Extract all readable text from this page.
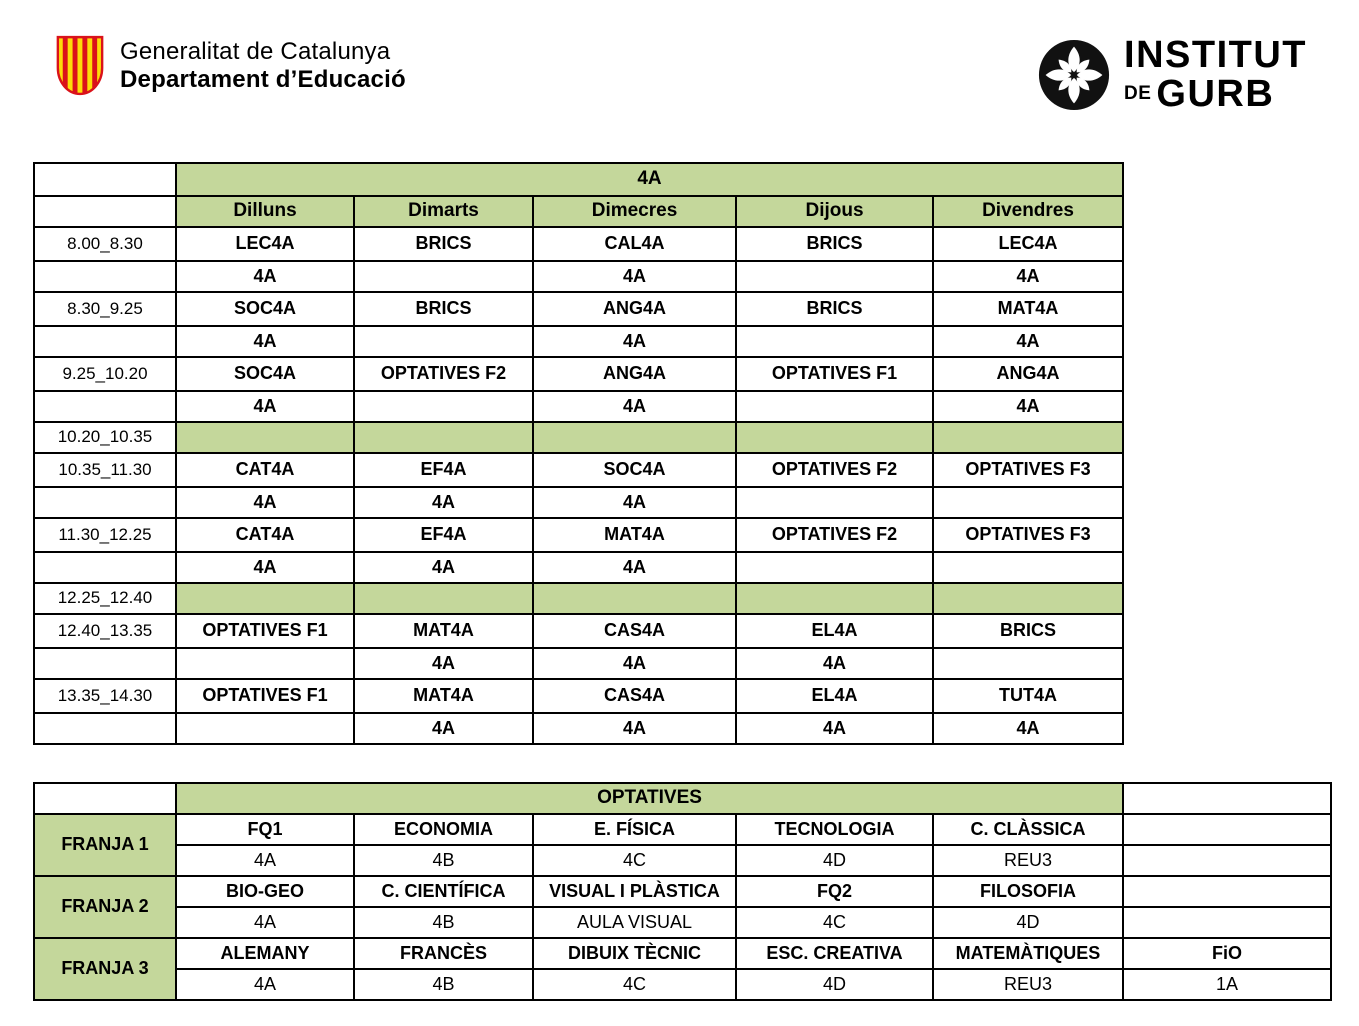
Generalitat de Catalunya
Departament d’Educació
INSTITUT
DE GURB
	4A				
	Dilluns	Dimarts	Dimecres	Dijous	Divendres
8.00_8.30	LEC4A	BRICS	CAL4A	BRICS	LEC4A
	4A		4A		4A
8.30_9.25	SOC4A	BRICS	ANG4A	BRICS	MAT4A
	4A		4A		4A
9.25_10.20	SOC4A	OPTATIVES F2	ANG4A	OPTATIVES F1	ANG4A
	4A		4A		4A
10.20_10.35					
10.35_11.30	CAT4A	EF4A	SOC4A	OPTATIVES F2	OPTATIVES F3
	4A	4A	4A		
11.30_12.25	CAT4A	EF4A	MAT4A	OPTATIVES F2	OPTATIVES F3
	4A	4A	4A		
12.25_12.40					
12.40_13.35	OPTATIVES F1	MAT4A	CAS4A	EL4A	BRICS
		4A	4A	4A	
13.35_14.30	OPTATIVES F1	MAT4A	CAS4A	EL4A	TUT4A
		4A	4A	4A	4A
	OPTATIVES					
FRANJA 1	FQ1	ECONOMIA	E. FÍSICA	TECNOLOGIA	C. CLÀSSICA	
	4A	4B	4C	4D	REU3	
FRANJA 2	BIO-GEO	C. CIENTÍFICA	VISUAL I PLÀSTICA	FQ2	FILOSOFIA	
	4A	4B	AULA VISUAL	4C	4D	
FRANJA 3	ALEMANY	FRANCÈS	DIBUIX TÈCNIC	ESC. CREATIVA	MATEMÀTIQUES	FiO
	4A	4B	4C	4D	REU3	1A
